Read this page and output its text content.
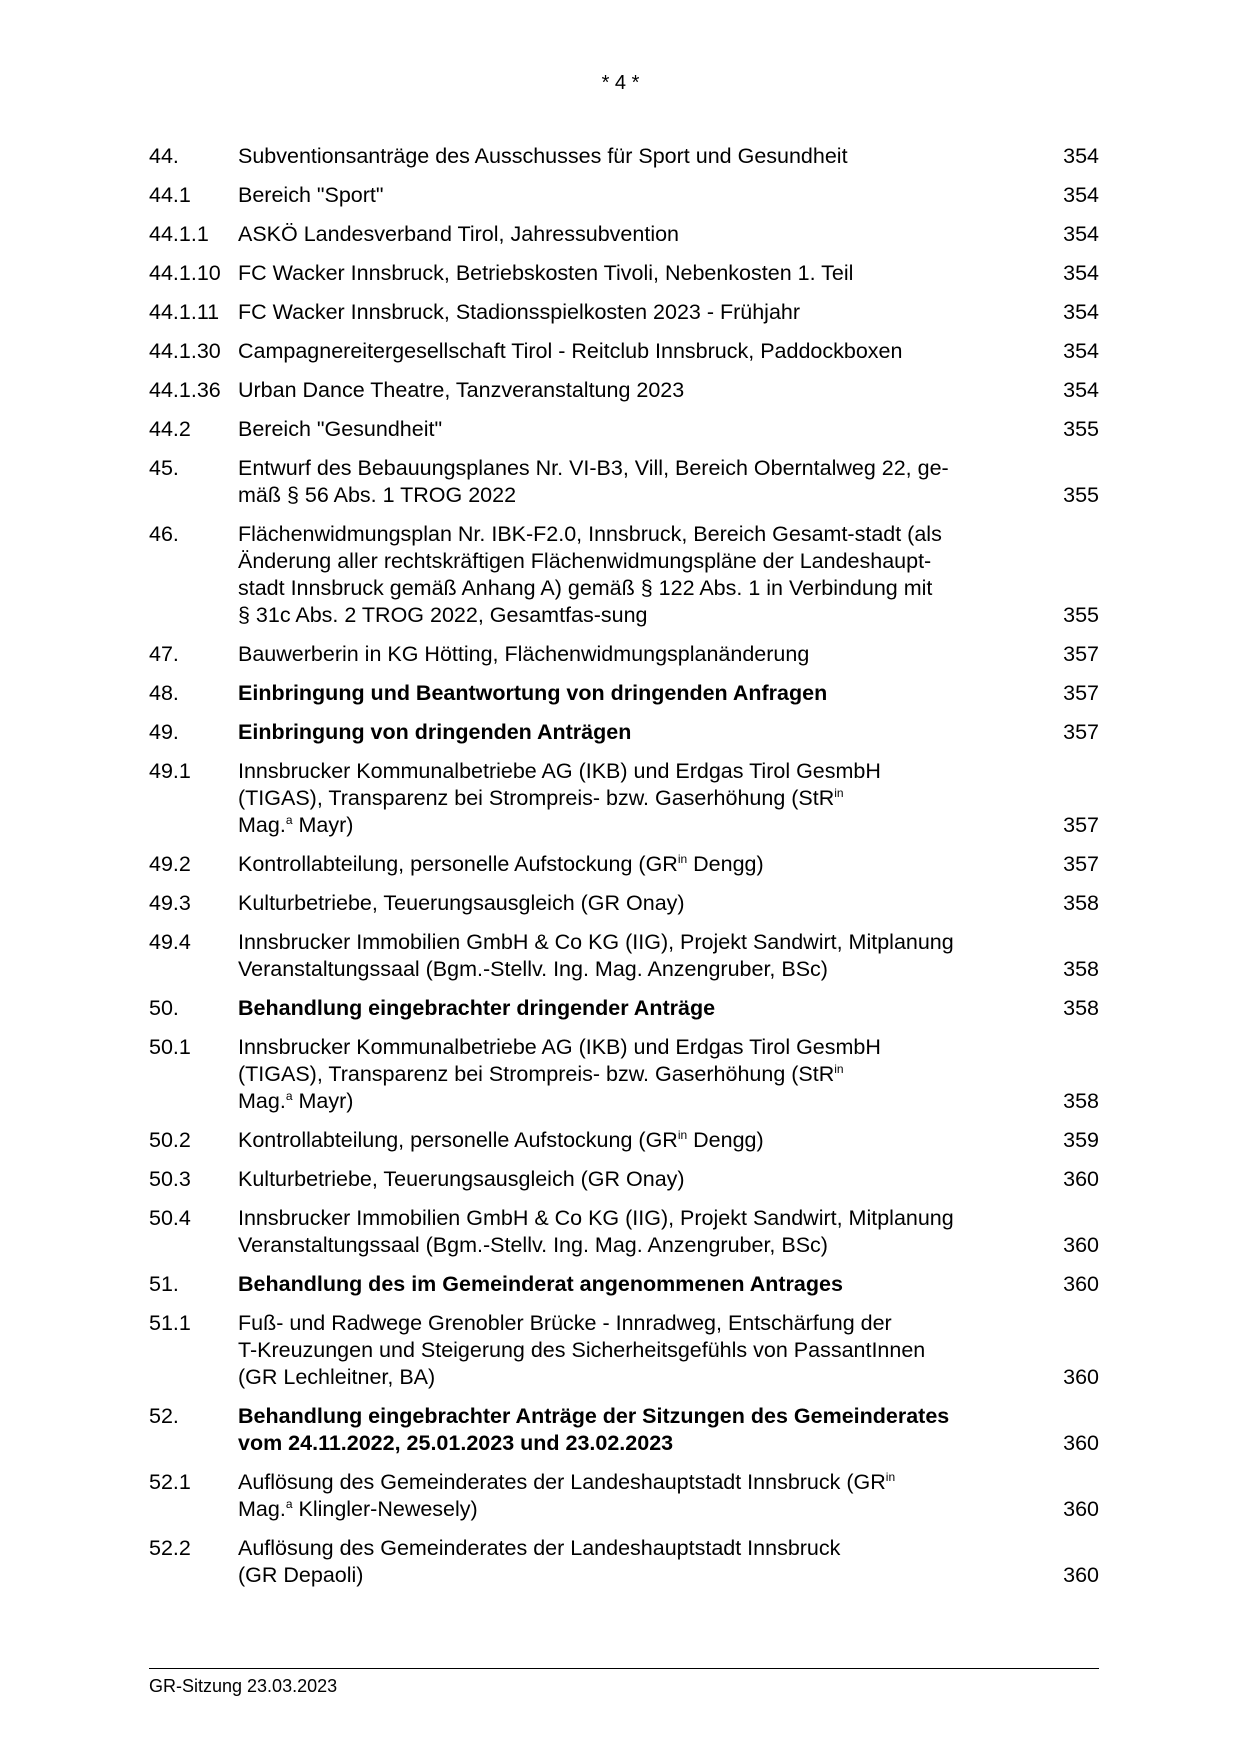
* 4 *
44.	Subventionsanträge des Ausschusses für Sport und Gesundheit	354
44.1	Bereich "Sport"	354
44.1.1	ASKÖ Landesverband Tirol, Jahressubvention	354
44.1.10 FC Wacker Innsbruck, Betriebskosten Tivoli, Nebenkosten 1. Teil	354
44.1.11 FC Wacker Innsbruck, Stadionsspielkosten 2023 - Frühjahr	354
44.1.30 Campagnereitergesellschaft Tirol - Reitclub Innsbruck, Paddockboxen	354
44.1.36 Urban Dance Theatre, Tanzveranstaltung 2023	354
44.2	Bereich "Gesundheit"	355
45.	Entwurf des Bebauungsplanes Nr. VI-B3, Vill, Bereich Oberntalweg 22, ge-
mäß § 56 Abs. 1 TROG 2022	355
46.	Flächenwidmungsplan Nr. IBK-F2.0, Innsbruck, Bereich Gesamt-stadt (als
Änderung aller rechtskräftigen Flächenwidmungspläne der Landeshaupt-
stadt Innsbruck gemäß Anhang A) gemäß § 122 Abs. 1 in Verbindung mit
§ 31c Abs. 2 TROG 2022, Gesamtfas-sung	355
47.	Bauwerberin in KG Hötting, Flächenwidmungsplanänderung	357
48.	Einbringung und Beantwortung von dringenden Anfragen	357
49.	Einbringung von dringenden Anträgen	357
49.1	Innsbrucker Kommunalbetriebe AG (IKB) und Erdgas Tirol GesmbH
(TIGAS), Transparenz bei Strompreis- bzw. Gaserhöhung (StR$^{in}$
Mag.$^a$ Mayr)	357
49.2	Kontrollabteilung, personelle Aufstockung ($GR^{in}$ Dengg)	357
49.3	Kulturbetriebe, Teuerungsausgleich (GR Onay)	358
49.4	Innsbrucker Immobilien GmbH & Co KG (IIG), Projekt Sandwirt, Mitplanung
Veranstaltungssaal (Bgm.-Stellv. Ing. Mag. Anzengruber, BSc)	358
50.	Behandlung eingebrachter dringender Anträge	358
50.1	Innsbrucker Kommunalbetriebe AG (IKB) und Erdgas Tirol GesmbH
(TIGAS), Transparenz bei Strompreis- bzw. Gaserhöhung (StR$^{in}$
Mag.$^a$ Mayr)	358
50.2	Kontrollabteilung, personelle Aufstockung ($GR^{in}$ Dengg)	359
50.3	Kulturbetriebe, Teuerungsausgleich (GR Onay)	360
50.4	Innsbrucker Immobilien GmbH & Co KG (IIG), Projekt Sandwirt, Mitplanung
Veranstaltungssaal (Bgm.-Stellv. Ing. Mag. Anzengruber, BSc)	360
51.	Behandlung des im Gemeinderat angenommenen Antrages	360
51.1	Fuß- und Radwege Grenobler Brücke - Innradweg, Entschärfung der
T-Kreuzungen und Steigerung des Sicherheitsgefühls von PassantInnen
(GR Lechleitner, BA)	360
52.	Behandlung eingebrachter Anträge der Sitzungen des Gemeinderates
vom 24.11.2022, 25.01.2023 und 23.02.2023	360
52.1	Auflösung des Gemeinderates der Landeshauptstadt Innsbruck ($GR^{in}$
Mag.$^a$ Klingler-Newesely)	360
52.2	Auflösung des Gemeinderates der Landeshauptstadt Innsbruck
(GR Depaoli)	360
GR-Sitzung 23.03.2023
